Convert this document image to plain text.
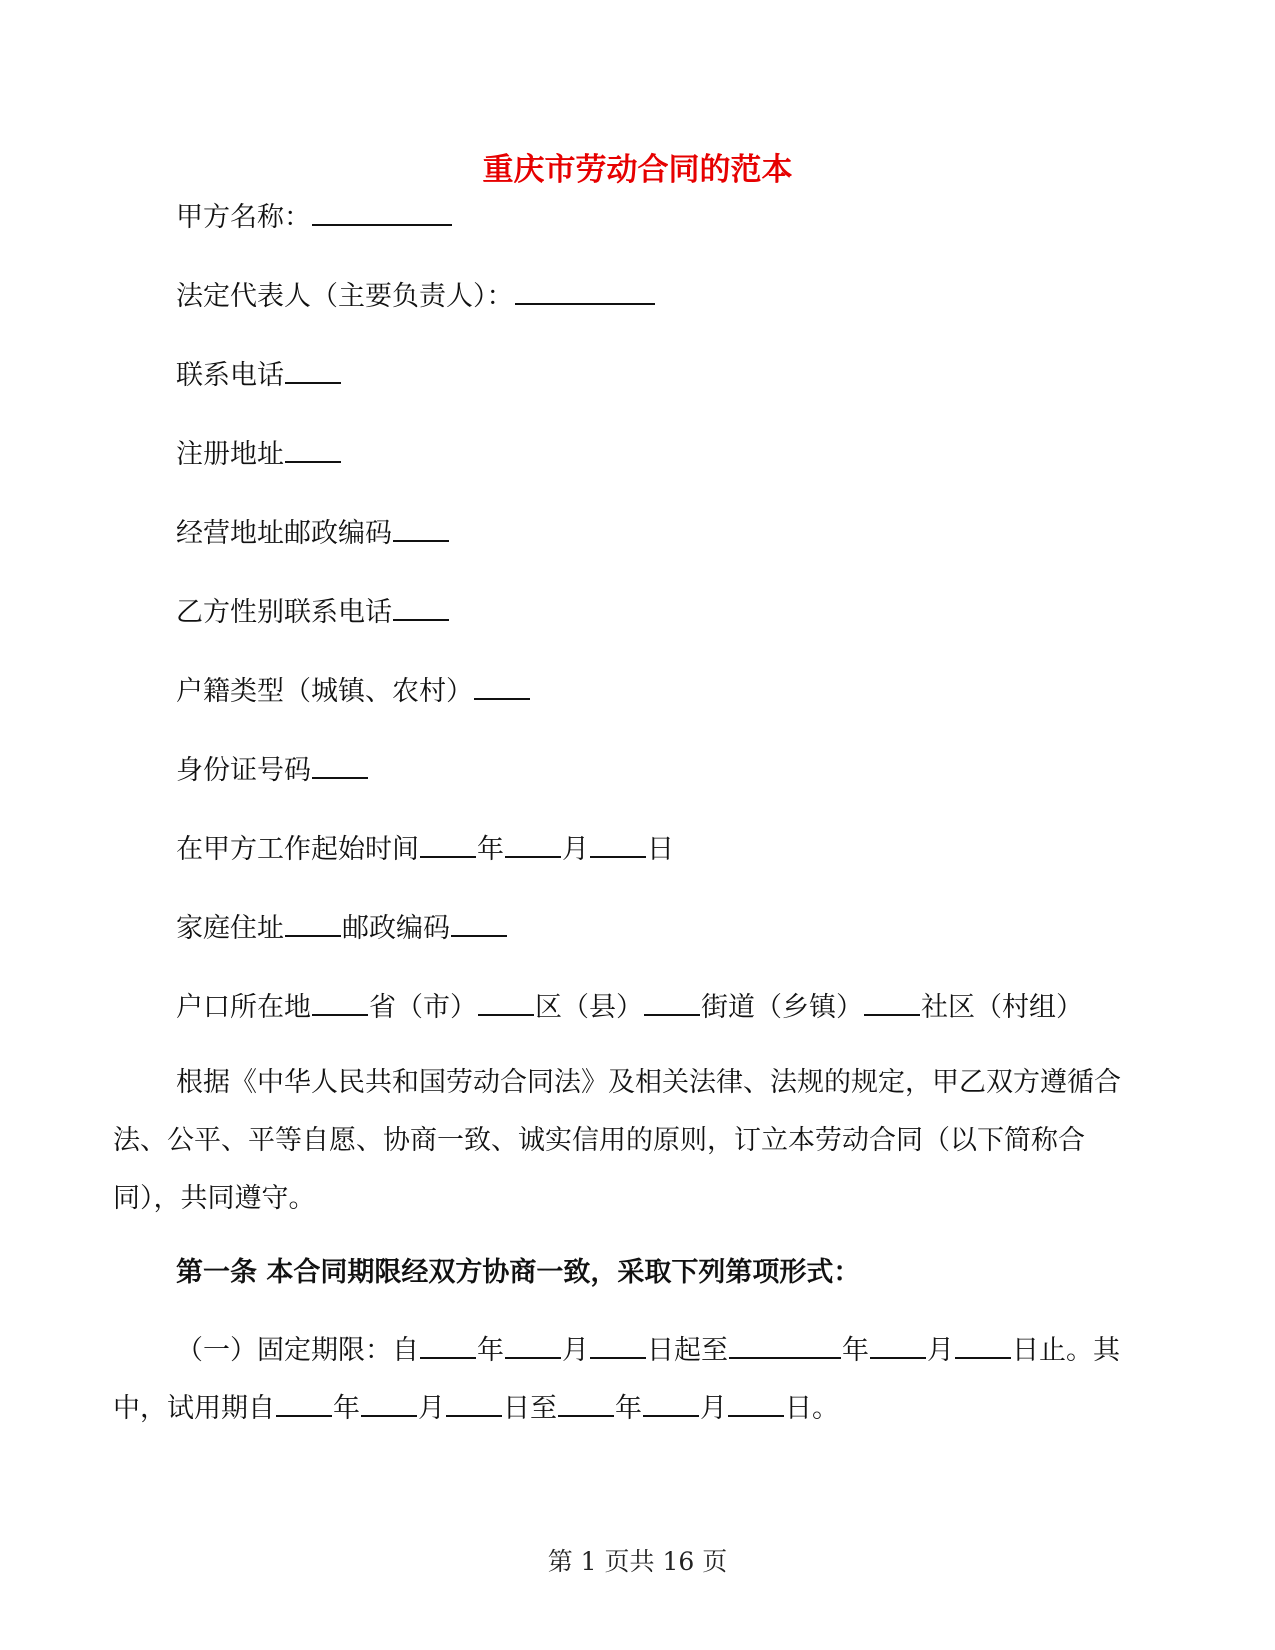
重庆市劳动合同的范本
甲方名称：
法定代表人（主要负责人）：
联系电话
注册地址
经营地址邮政编码
乙方性别联系电话
户籍类型（城镇、农村）
身份证号码
在甲方工作起始时间 年 月 日
家庭住址 邮政编码
户口所在地 省（市） 区（县） 街道（乡镇） 社区（村组）

根据《中华人民共和国劳动合同法》及相关法律、法规的规定，甲乙双方遵循合法、公平、平等自愿、协商一致、诚实信用的原则，订立本劳动合同（以下简称合同），共同遵守。

第一条 本合同期限经双方协商一致，采取下列第项形式：

（一）固定期限：自 年 月 日起至	年 月 日止。其中，试用期自 年 月 日至 年 月 日。

第 1 页共 16 页
